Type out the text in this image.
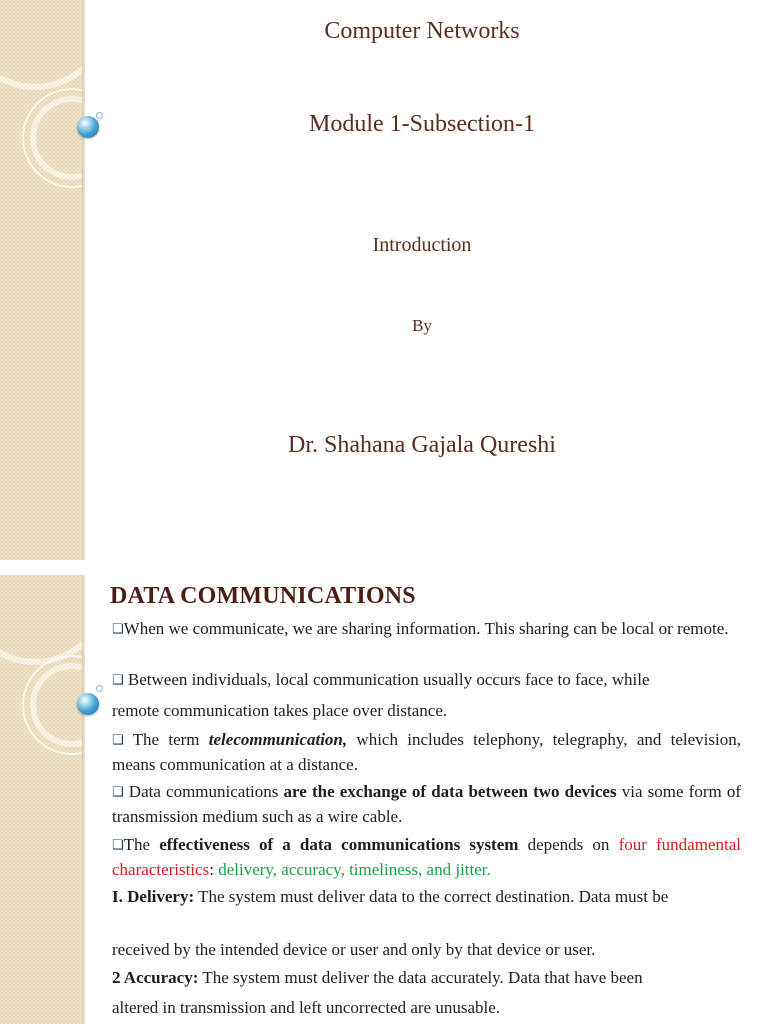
Computer Networks
Module 1-Subsection-1
Introduction
By
Dr. Shahana Gajala Qureshi
DATA COMMUNICATIONS

❑When we communicate, we are sharing information. This sharing can be local or remote.

❑ Between individuals, local communication usually occurs face to face, while

remote communication takes place over distance.

❑ The term telecommunication, which includes telephony, telegraphy, and television, means communication at a distance.

❑ Data communications are the exchange of data between two devices via some form of transmission medium such as a wire cable.

❑The effectiveness of a data communications system depends on four fundamental characteristics: delivery, accuracy, timeliness, and jitter.

I. Delivery: The system must deliver data to the correct destination. Data must be

received by the intended device or user and only by that device or user.

2 Accuracy: The system must deliver the data accurately. Data that have been

altered in transmission and left uncorrected are unusable.
